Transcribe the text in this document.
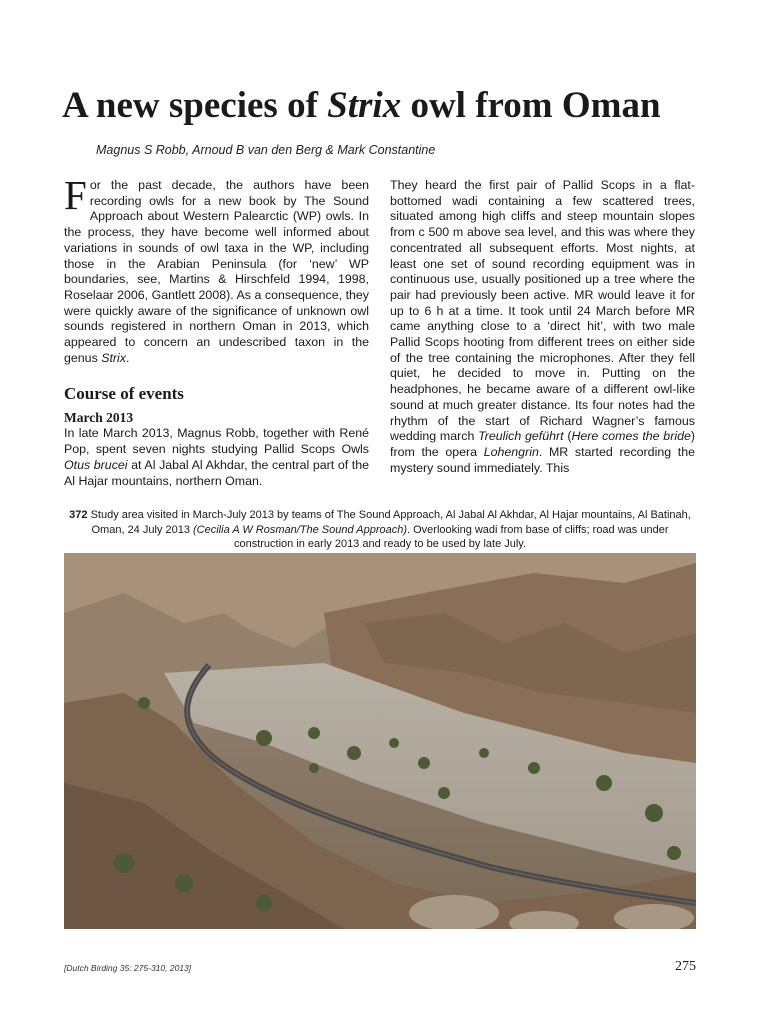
A new species of Strix owl from Oman
Magnus S Robb, Arnoud B van den Berg & Mark Constantine

For the past decade, the authors have been recording owls for a new book by The Sound Approach about Western Palearctic (WP) owls. In the process, they have become well informed about variations in sounds of owl taxa in the WP, including those in the Arabian Peninsula (for ‘new’ WP boundaries, see, Martins & Hirschfeld 1994, 1998, Roselaar 2006, Gantlett 2008). As a consequence, they were quickly aware of the significance of unknown owl sounds registered in northern Oman in 2013, which appeared to concern an undescribed taxon in the genus Strix.

Course of events
March 2013

In late March 2013, Magnus Robb, together with René Pop, spent seven nights studying Pallid Scops Owls Otus brucei at Al Jabal Al Akhdar, the central part of the Al Hajar mountains, northern Oman.

They heard the first pair of Pallid Scops in a flat-bottomed wadi containing a few scattered trees, situated among high cliffs and steep mountain slopes from c 500 m above sea level, and this was where they concentrated all subsequent efforts. Most nights, at least one set of sound recording equipment was in continuous use, usually positioned up a tree where the pair had previously been active. MR would leave it for up to 6 h at a time. It took until 24 March before MR came anything close to a ‘direct hit’, with two male Pallid Scops hooting from different trees on either side of the tree containing the microphones. After they fell quiet, he decided to move in. Putting on the headphones, he became aware of a different owl-like sound at much greater distance. Its four notes had the rhythm of the start of Richard Wagner’s famous wedding march Treulich geführt (Here comes the bride) from the opera Lohengrin. MR started recording the mystery sound immediately. This

372 Study area visited in March-July 2013 by teams of The Sound Approach, Al Jabal Al Akhdar, Al Hajar mountains, Al Batinah, Oman, 24 July 2013 (Cecilia A W Rosman/The Sound Approach). Overlooking wadi from base of cliffs; road was under construction in early 2013 and ready to be used by late July.
[Dutch Birding 35: 275-310, 2013]	275
